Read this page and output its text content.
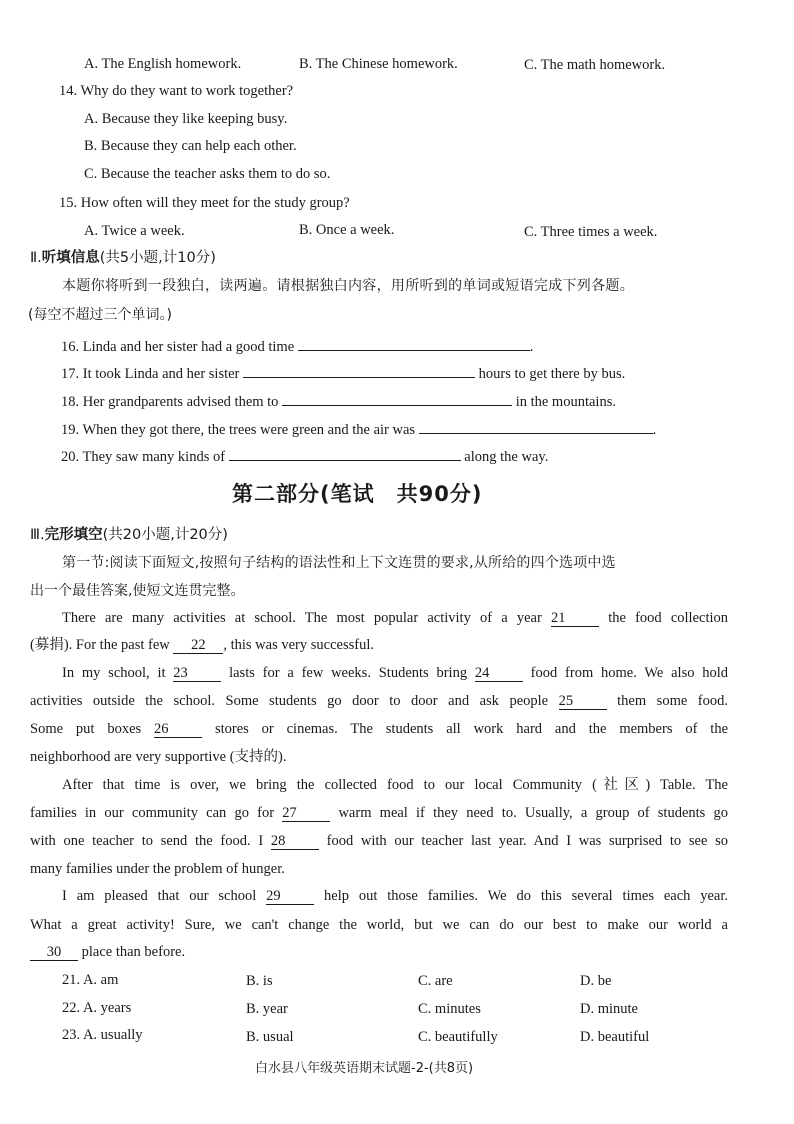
A. The English homework.	B. The Chinese homework.	C. The math homework.
14. Why do they want to work together?
A. Because they like keeping busy.
B. Because they can help each other.
C. Because the teacher asks them to do so.
15. How often will they meet for the study group?
A. Twice a week.	B. Once a week.	C. Three times a week.
Ⅱ.听填信息(共5小题,计10分)
本题你将听到一段独白，读两遍。请根据独白内容，用所听到的单词或短语完成下列各题。
(每空不超过三个单词。)
16. Linda and her sister had a good time	.
17. It took Linda and her sister	hours to get there by bus.
18. Her grandparents advised them to	in the mountains.
19. When they got there, the trees were green and the air was	.
20. They saw many kinds of	along the way.
第二部分(笔试　共90分)
Ⅲ.完形填空(共20小题,计20分)
第一节:阅读下面短文,按照句子结构的语法性和上下文连贯的要求,从所给的四个选项中选
出一个最佳答案,使短文连贯完整。
There are many activities at school. The most popular activity of a year 21	the food collection
(募捐). For the past few 22 , this was very successful.
In my school, it 23	lasts for a few weeks. Students bring 24	food from home. We also hold
activities outside the school. Some students go door to door and ask people 25	them some food.
Some put boxes 26	stores or cinemas. The students all work hard and the members of the
neighborhood are very supportive (支持的).
After that time is over, we bring the collected food to our local Community (社区) Table. The
families in our community can go for 27	warm meal if they need to. Usually, a group of students go
with one teacher to send the food. I 28	food with our teacher last year. And I was surprised to see so
many families under the problem of hunger.
I am pleased that our school 29	help out those families. We do this several times each year.
What a great activity! Sure, we can't change the world, but we can do our best to make our world a
30 place than before.
21. A. am	B. is	C. are	D. be
22. A. years	B. year	C. minutes	D. minute
23. A. usually	B. usual	C. beautifully	D. beautiful
白水县八年级英语期末试题-2-(共8页)
